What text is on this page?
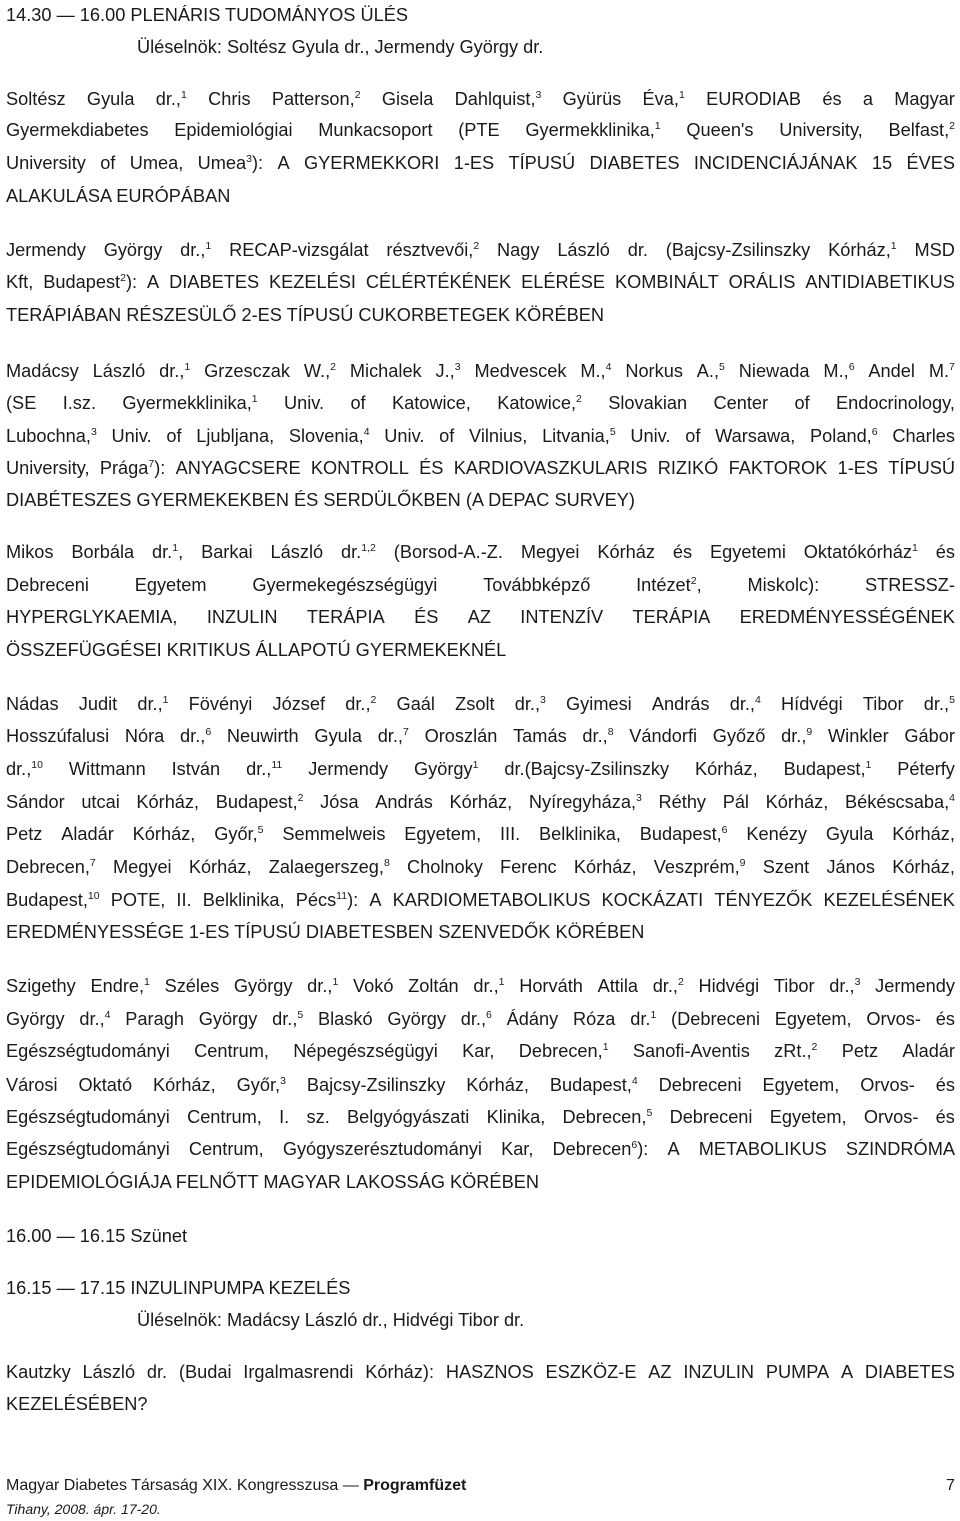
14.30 — 16.00 PLENÁRIS TUDOMÁNYOS ÜLÉS
Üléselnök: Soltész Gyula dr., Jermendy György dr.
Soltész Gyula dr.,$^1$ Chris Patterson,$^2$ Gisela Dahlquist,$^3$ Gyürüs Éva,$^1$ EURODIAB és a Magyar
Gyermekdiabetes Epidemiológiai Munkacsoport (PTE Gyermekklinika,$^1$ Queen's University, Belfast,$^2$
University of Umea, Umea$^3$): A GYERMEKKORI 1-ES TÍPUSÚ DIABETES INCIDENCIÁJÁNAK 15 ÉVES
ALAKULÁSA EURÓPÁBAN
Jermendy György dr.,$^1$ RECAP-vizsgálat résztvevői,$^2$ Nagy László dr. (Bajcsy-Zsilinszky Kórház,$^1$ MSD
Kft, Budapest$^2$): A DIABETES KEZELÉSI CÉLÉRTÉKÉNEK ELÉRÉSE KOMBINÁLT ORÁLIS ANTIDIABETIKUS
TERÁPIÁBAN RÉSZESÜLŐ 2-ES TÍPUSÚ CUKORBETEGEK KÖRÉBEN
Madácsy László dr.,$^1$ Grzesczak W.,$^2$ Michalek J.,$^3$ Medvescek M.,$^4$ Norkus A.,$^5$ Niewada M.,$^6$ Andel M.$^7$
(SE I.sz. Gyermekklinika,$^1$ Univ. of Katowice, Katowice,$^2$ Slovakian Center of Endocrinology,
Lubochna,$^3$ Univ. of Ljubljana, Slovenia,$^4$ Univ. of Vilnius, Litvania,$^5$ Univ. of Warsawa, Poland,$^6$ Charles
University, Prága$^7$): ANYAGCSERE KONTROLL ÉS KARDIOVASZKULARIS RIZIKÓ FAKTOROK 1-ES TÍPUSÚ
DIABÉTESZES GYERMEKEKBEN ÉS SERDÜLŐKBEN (A DEPAC SURVEY)
Mikos Borbála dr.$^1$, Barkai László dr.$^{1,2}$ (Borsod-A.-Z. Megyei Kórház és Egyetemi Oktatókórház$^1$ és
Debreceni	Egyetem	Gyermekegészségügyi	Továbbképző	Intézet$^2$,	Miskolc):	STRESSZ-
HYPERGLYKAEMIA, INZULIN TERÁPIA ÉS AZ INTENZÍV TERÁPIA EREDMÉNYESSÉGÉNEK
ÖSSZEFÜGGÉSEI KRITIKUS ÁLLAPOTÚ GYERMEKEKNÉL
Nádas Judit dr.,$^1$ Fövényi József dr.,$^2$ Gaál Zsolt dr.,$^3$ Gyimesi András dr.,$^4$ Hídvégi Tibor dr.,$^5$
Hosszúfalusi Nóra dr.,$^6$ Neuwirth Gyula dr.,$^7$ Oroszlán Tamás dr.,$^8$ Vándorfi Győző dr.,$^9$ Winkler Gábor
dr.,$^{10}$ Wittmann István dr.,$^{11}$ Jermendy György$^1$ dr.(Bajcsy-Zsilinszky Kórház, Budapest,$^1$ Péterfy
Sándor utcai Kórház, Budapest,$^2$ Jósa András Kórház, Nyíregyháza,$^3$ Réthy Pál Kórház, Békéscsaba,$^4$
Petz Aladár Kórház, Győr,$^5$ Semmelweis Egyetem, III. Belklinika, Budapest,$^6$ Kenézy Gyula Kórház,
Debrecen,$^7$ Megyei Kórház, Zalaegerszeg,$^8$ Cholnoky Ferenc Kórház, Veszprém,$^9$ Szent János Kórház,
Budapest,$^{10}$ POTE, II. Belklinika, Pécs$^{11}$): A KARDIOMETABOLIKUS KOCKÁZATI TÉNYEZŐK KEZELÉSÉNEK
EREDMÉNYESSÉGE 1-ES TÍPUSÚ DIABETESBEN SZENVEDŐK KÖRÉBEN
Szigethy Endre,$^1$ Széles György dr.,$^1$ Vokó Zoltán dr.,$^1$ Horváth Attila dr.,$^2$ Hidvégi Tibor dr.,$^3$ Jermendy
György dr.,$^4$ Paragh György dr.,$^5$ Blaskó György dr.,$^6$ Ádány Róza dr.$^1$ (Debreceni Egyetem, Orvos- és
Egészségtudományi Centrum, Népegészségügyi Kar, Debrecen,$^1$ Sanofi-Aventis zRt.,$^2$ Petz Aladár
Városi Oktató Kórház, Győr,$^3$ Bajcsy-Zsilinszky Kórház, Budapest,$^4$ Debreceni Egyetem, Orvos- és
Egészségtudományi Centrum, I. sz. Belgyógyászati Klinika, Debrecen,$^5$ Debreceni Egyetem, Orvos- és
Egészségtudományi Centrum, Gyógyszerésztudományi Kar, Debrecen$^6$): A METABOLIKUS SZINDRÓMA
EPIDEMIOLÓGIÁJA FELNŐTT MAGYAR LAKOSSÁG KÖRÉBEN
Kautzky László dr. (Budai Irgalmasrendi Kórház): HASZNOS ESZKÖZ-E AZ INZULIN PUMPA A DIABETES
KEZELÉSÉBEN?
16.00 — 16.15 Szünet
16.15 — 17.15 INZULINPUMPA KEZELÉS
Üléselnök: Madácsy László dr., Hidvégi Tibor dr.
Magyar Diabetes Társaság XIX. Kongresszusa — Programfüzet	7
Tihany, 2008. ápr. 17-20.
